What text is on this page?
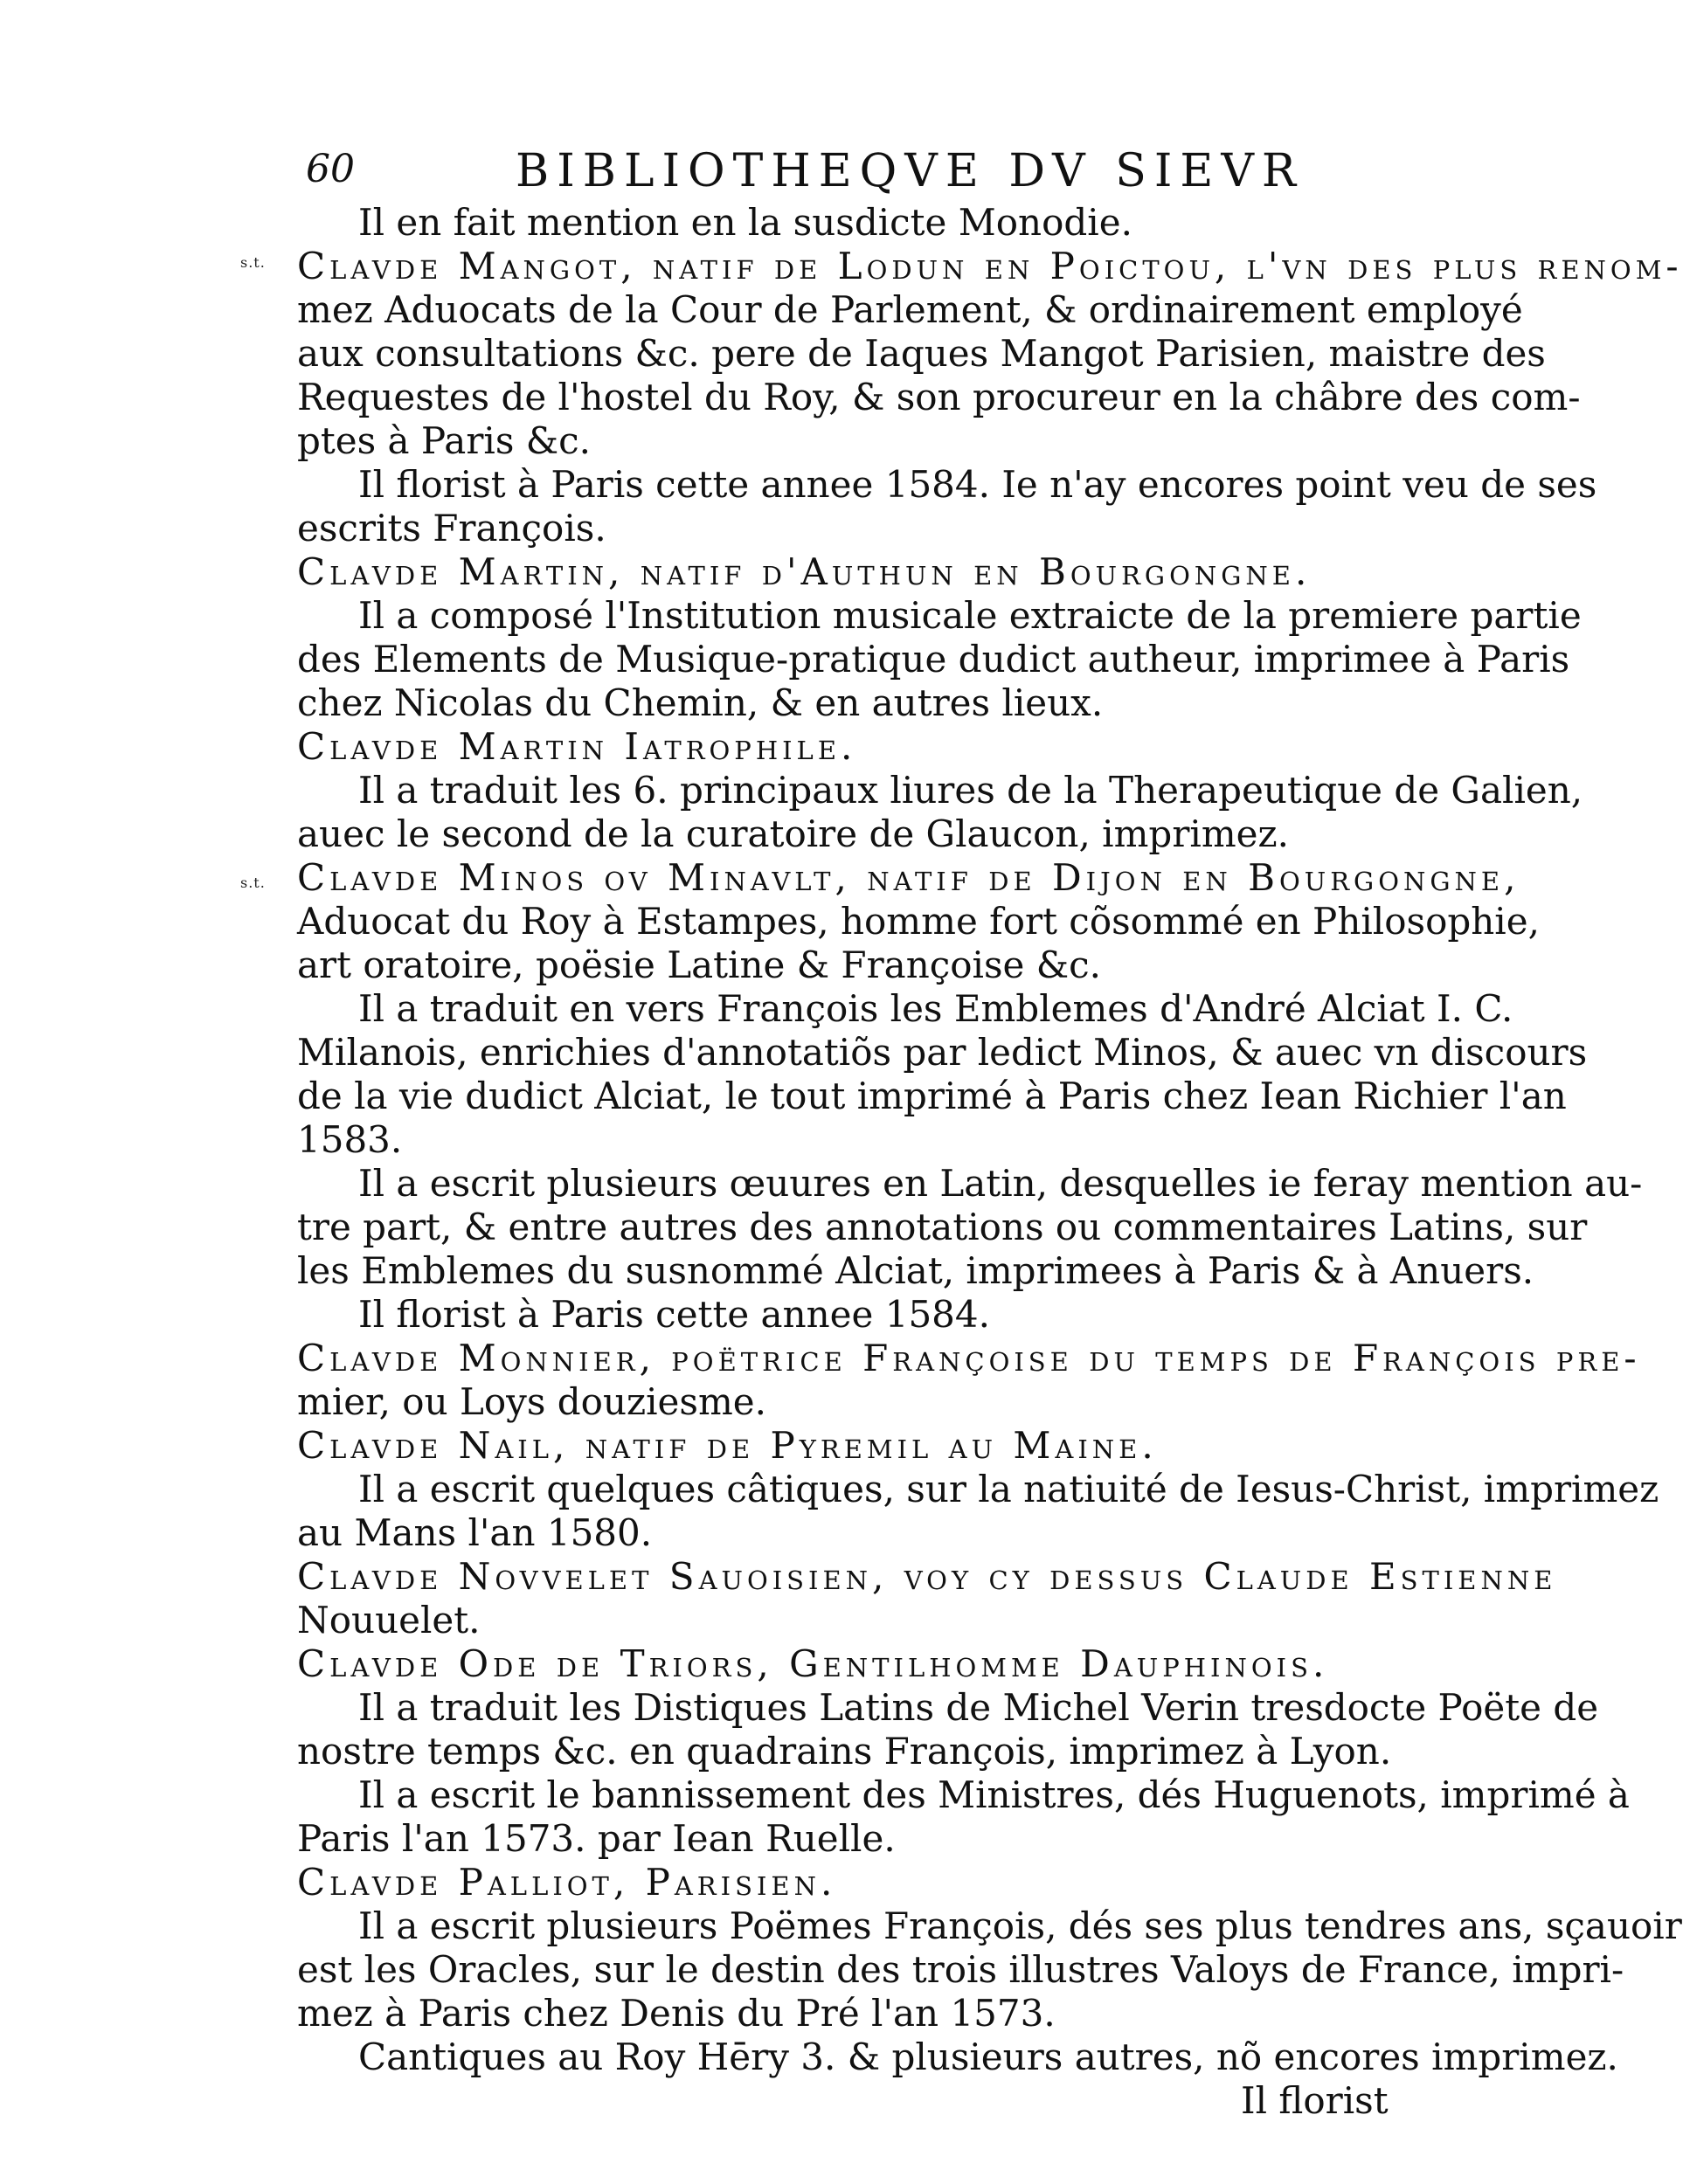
60	BIBLIOTHEQVE DV SIEVR
s.t.
s.t.
Il en fait mention en la susdicte Monodie.
Clavde Mangot, natif de Lodun en Poictou, l'vn des plus renom-
mez Aduocats de la Cour de Parlement, & ordinairement employé
aux consultations &c. pere de Iaques Mangot Parisien, maistre des
Requestes de l'hostel du Roy, & son procureur en la châbre des com-
ptes à Paris &c.
Il florist à Paris cette annee 1584. Ie n'ay encores point veu de ses
escrits François.
Clavde Martin, natif d'Authun en Bourgongne.
Il a composé l'Institution musicale extraicte de la premiere partie
des Elements de Musique-pratique dudict autheur, imprimee à Paris
chez Nicolas du Chemin, & en autres lieux.
Clavde Martin Iatrophile.
Il a traduit les 6. principaux liures de la Therapeutique de Galien,
auec le second de la curatoire de Glaucon, imprimez.
Clavde Minos ov Minavlt, natif de Dijon en Bourgongne,
Aduocat du Roy à Estampes, homme fort cõsommé en Philosophie,
art oratoire, poësie Latine & Françoise &c.
Il a traduit en vers François les Emblemes d'André Alciat I. C.
Milanois, enrichies d'annotatiõs par ledict Minos, & auec vn discours
de la vie dudict Alciat, le tout imprimé à Paris chez Iean Richier l'an
1583.
Il a escrit plusieurs œuures en Latin, desquelles ie feray mention au-
tre part, & entre autres des annotations ou commentaires Latins, sur
les Emblemes du susnommé Alciat, imprimees à Paris & à Anuers.
Il florist à Paris cette annee 1584.
Clavde Monnier, poëtrice Françoise du temps de François pre-
mier, ou Loys douziesme.
Clavde Nail, natif de Pyremil au Maine.
Il a escrit quelques câtiques, sur la natiuité de Iesus-Christ, imprimez
au Mans l'an 1580.
Clavde Novvelet Sauoisien, voy cy dessus Claude Estienne
Nouuelet.
Clavde Ode de Triors, Gentilhomme Dauphinois.
Il a traduit les Distiques Latins de Michel Verin tresdocte Poëte de
nostre temps &c. en quadrains François, imprimez à Lyon.
Il a escrit le bannissement des Ministres, dés Huguenots, imprimé à
Paris l'an 1573. par Iean Ruelle.
Clavde Palliot, Parisien.
Il a escrit plusieurs Poëmes François, dés ses plus tendres ans, sçauoir
est les Oracles, sur le destin des trois illustres Valoys de France, impri-
mez à Paris chez Denis du Pré l'an 1573.
Cantiques au Roy Hēry 3. & plusieurs autres, nõ encores imprimez.
Il florist
